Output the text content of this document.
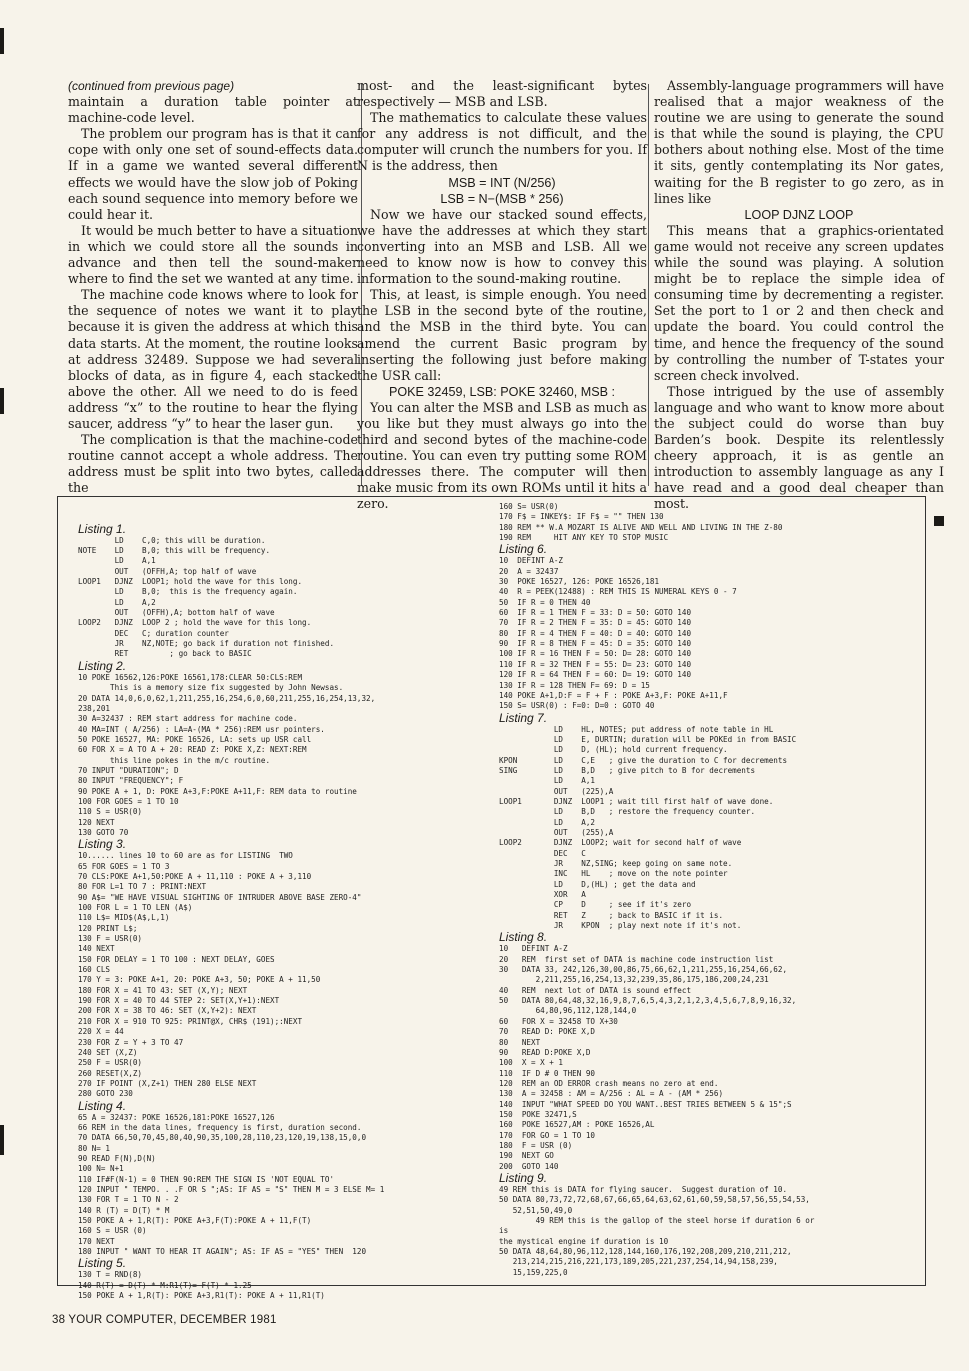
(continued from previous page)

maintain a duration table pointer at machine-code level.

The problem our program has is that it can cope with only one set of sound-effects data. If in a game we wanted several different effects we would have the slow job of Poking each sound sequence into memory before we could hear it.

It would be much better to have a situation in which we could store all the sounds in advance and then tell the sound-maker where to find the set we wanted at any time.

The machine code knows where to look for the sequence of notes we want it to play because it is given the address at which this data starts. At the moment, the routine looks at address 32489. Suppose we had several blocks of data, as in figure 4, each stacked above the other. All we need to do is feed address “x” to the routine to hear the flying saucer, address “y” to hear the laser gun.

The complication is that the machine-code routine cannot accept a whole address. The address must be split into two bytes, called the

most- and the least-significant bytes respectively — MSB and LSB.

The mathematics to calculate these values for any address is not difficult, and the computer will crunch the numbers for you. If N is the address, then

MSB = INT (N/256)

LSB = N−(MSB * 256)

Now we have our stacked sound effects, we have the addresses at which they start converting into an MSB and LSB. All we need to know now is how to convey this information to the sound-making routine.

This, at least, is simple enough. You need the LSB in the second byte of the routine, and the MSB in the third byte. You can amend the current Basic program by inserting the following just before making the USR call:

POKE 32459, LSB: POKE 32460, MSB :

You can alter the MSB and LSB as much as you like but they must always go into the third and second bytes of the machine-code routine. You can even try putting some ROM addresses there. The computer will then make music from its own ROMs until it hits a zero.

Assembly-language programmers will have realised that a major weakness of the routine we are using to generate the sound is that while the sound is playing, the CPU bothers about nothing else. Most of the time it sits, gently contemplating its Nor gates, waiting for the B register to go zero, as in lines like

LOOP DJNZ LOOP

This means that a graphics-orientated game would not receive any screen updates while the sound was playing. A solution might be to replace the simple idea of consuming time by decrementing a register. Set the port to 1 or 2 and then check and update the board. You could control the time, and hence the frequency of the sound by controlling the number of T-states your screen check involved.

Those intrigued by the use of assembly language and who want to know more about the subject could do worse than buy Barden’s book. Despite its relentlessly cheery approach, it is as gentle an introduction to assembly language as any I have read and a good deal cheaper than most.

Listing 1.
LD    C,0; this will be duration.
NOTE    LD    B,0; this will be frequency.
LD    A,1
OUT   (OFFH,A; top half of wave
LOOP1   DJNZ  LOOP1; hold the wave for this long.
LD    B,0;  this is the frequency again.
LD    A,2
OUT   (OFFH),A; bottom half of wave
LOOP2   DJNZ  LOOP 2 ; hold the wave for this long.
DEC   C; duration counter
JR    NZ,NOTE; go back if duration not finished.
RET         ; go back to BASIC

Listing 2.
10 POKE 16562,126:POKE 16561,178:CLEAR 50:CLS:REM
This is a memory size fix suggested by John Newsas.
20 DATA 14,0,6,0,62,1,211,255,16,254,6,0,60,211,255,16,254,13,32,
238,201
30 A=32437 : REM start address for machine code.
40 MA=INT ( A/256) : LA=A-(MA * 256):REM usr pointers.
50 POKE 16527, MA: POKE 16526, LA: sets up USR call
60 FOR X = A TO A + 20: READ Z: POKE X,Z: NEXT:REM
this line pokes in the m/c routine.
70 INPUT "DURATION"; D
80 INPUT "FREQUENCY"; F
90 POKE A + 1, D: POKE A+3,F:POKE A+11,F: REM data to routine
100 FOR GOES = 1 TO 10
110 S = USR(0)
120 NEXT
130 GOTO 70

Listing 3.
10...... lines 10 to 60 are as for LISTING  TWO
65 FOR GOES = 1 TO 3
70 CLS:POKE A+1,50:POKE A + 11,110 : POKE A + 3,110
80 FOR L=1 TO 7 : PRINT:NEXT
90 A$= "WE HAVE VISUAL SIGHTING OF INTRUDER ABOVE BASE ZERO-4"
100 FOR L = 1 TO LEN (A$)
110 L$= MID$(A$,L,1)
120 PRINT L$;
130 F = USR(0)
140 NEXT
150 FOR DELAY = 1 TO 100 : NEXT DELAY, GOES
160 CLS
170 Y = 3: POKE A+1, 20: POKE A+3, 50; POKE A + 11,50
180 FOR X = 41 TO 43: SET (X,Y); NEXT
190 FOR X = 40 TO 44 STEP 2: SET(X,Y+1):NEXT
200 FOR X = 38 TO 46: SET (X,Y+2): NEXT
210 FOR X = 910 TO 925: PRINT@X, CHR$ (191);:NEXT
220 X = 44
230 FOR Z = Y + 3 TO 47
240 SET (X,Z)
250 F = USR(0)
260 RESET(X,Z)
270 IF POINT (X,Z+1) THEN 280 ELSE NEXT
280 GOTO 230

Listing 4.
65 A = 32437: POKE 16526,181:POKE 16527,126
66 REM in the data lines, frequency is first, duration second.
70 DATA 66,50,70,45,80,40,90,35,100,28,110,23,120,19,138,15,0,0
80 N= 1
90 READ F(N),D(N)
100 N= N+1
110 IF#F(N-1) = 0 THEN 90:REM THE SIGN IS 'NOT EQUAL TO'
120 INPUT " TEMPO. . .F OR S ";AS: IF AS = "S" THEN M = 3 ELSE M= 1
130 FOR T = 1 TO N - 2
140 R (T) = D(T) * M
150 POKE A + 1,R(T): POKE A+3,F(T):POKE A + 11,F(T)
160 S = USR (0)
170 NEXT
180 INPUT " WANT TO HEAR IT AGAIN"; AS: IF AS = "YES" THEN  120

Listing 5.
130 T = RND(8)
140 R(T) = D(T) * M:R1(T)= F(T) * 1.25
150 POKE A + 1,R(T): POKE A+3,R1(T): POKE A + 11,R1(T)
160 S= USR(0)
170 F$ = INKEY$: IF F$ = "" THEN 130
180 REM ** W.A MOZART IS ALIVE AND WELL AND LIVING IN THE Z-80
190 REM     HIT ANY KEY TO STOP MUSIC

Listing 6.
10  DEFINT A-Z
20  A = 32437
30  POKE 16527, 126: POKE 16526,181
40  R = PEEK(12488) : REM THIS IS NUMERAL KEYS 0 - 7
50  IF R = 0 THEN 40
60  IF R = 1 THEN F = 33: D = 50: GOTO 140
70  IF R = 2 THEN F = 35: D = 45: GOTO 140
80  IF R = 4 THEN F = 40: D = 40: GOTO 140
90  IF R = 8 THEN F = 45: D = 35: GOTO 140
100 IF R = 16 THEN F = 50: D= 28: GOTO 140
110 IF R = 32 THEN F = 55: D= 23: GOTO 140
120 IF R = 64 THEN F = 60: D= 19: GOTO 140
130 IF R = 128 THEN F= 69: D = 15
140 POKE A+1,D:F = F + F : POKE A+3,F: POKE A+11,F
150 S= USR(0) : F=0: D=0 : GOTO 40

Listing 7.
LD    HL, NOTES; put address of note table in HL
LD    E, DURTIN; duration will be POKEd in from BASIC
LD    D, (HL); hold current frequency.
KPON        LD    C,E   ; give the duration to C for decrements
SING        LD    B,D   ; give pitch to B for decrements
LD    A,1
OUT   (225),A
LOOP1       DJNZ  LOOP1 ; wait till first half of wave done.
LD    B,D   ; restore the frequency counter.
LD    A,2
OUT   (255),A
LOOP2       DJNZ  LOOP2; wait for second half of wave
DEC   C
JR    NZ,SING; keep going on same note.
INC   HL    ; move on the note pointer
LD    D,(HL) ; get the data and
XOR   A
CP    D     ; see if it's zero
RET   Z     ; back to BASIC if it is.
JR    KPON  ; play next note if it's not.

Listing 8.
10   DEFINT A-Z
20   REM  first set of DATA is machine code instruction list
30   DATA 33, 242,126,30,00,86,75,66,62,1,211,255,16,254,66,62,
2,211,255,16,254,13,32,239,35,86,175,186,200,24,231
40   REM  next lot of DATA is sound effect
50   DATA 80,64,48,32,16,9,8,7,6,5,4,3,2,1,2,3,4,5,6,7,8,9,16,32,
64,80,96,112,128,144,0
60   FOR X = 32458 TO X+30
70   READ D: POKE X,D
80   NEXT
90   READ D:POKE X,D
100  X = X + 1
110  IF D # 0 THEN 90
120  REM an OD ERROR crash means no zero at end.
130  A = 32458 : AM = A/256 : AL = A - (AM * 256)
140  INPUT "WHAT SPEED DO YOU WANT..BEST TRIES BETWEEN 5 & 15";S
150  POKE 32471,S
160  POKE 16527,AM : POKE 16526,AL
170  FOR GO = 1 TO 10
180  F = USR (0)
190  NEXT GO
200  GOTO 140

Listing 9.
49 REM this is DATA for flying saucer.  Suggest duration of 10.
50 DATA 80,73,72,72,68,67,66,65,64,63,62,61,60,59,58,57,56,55,54,53,
52,51,50,49,0
49 REM this is the gallop of the steel horse if duration 6 or
is
the mystical engine if duration is 10
50 DATA 48,64,80,96,112,128,144,160,176,192,208,209,210,211,212,
213,214,215,216,221,173,189,205,221,237,254,14,94,158,239,
15,159,225,0
38 YOUR COMPUTER, DECEMBER 1981
